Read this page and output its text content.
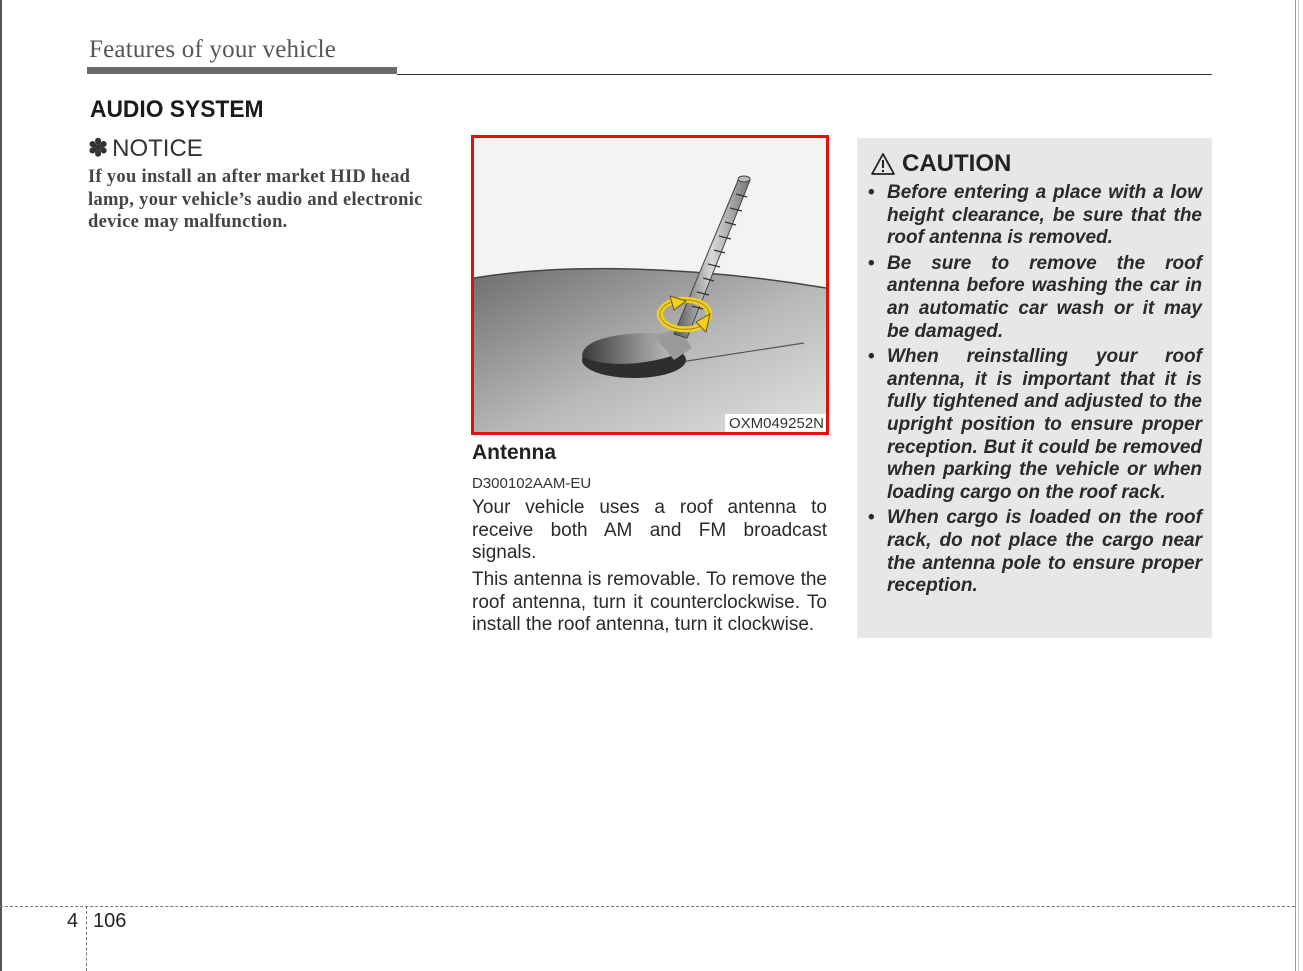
Features of your vehicle
AUDIO SYSTEM
✽ NOTICE
If you install an after market HID head lamp, your vehicle’s audio and electronic device may malfunction.
OXM049252N
Antenna
D300102AAM-EU
Your vehicle uses a roof antenna to receive both AM and FM broadcast signals.
This antenna is removable. To remove the roof antenna, turn it counterclockwise. To install the roof antenna, turn it clockwise.
CAUTION
• Before entering a place with a low height clearance, be sure that the roof antenna is removed.
• Be sure to remove the roof antenna before washing the car in an automatic car wash or it may be damaged.
• When reinstalling your roof antenna, it is important that it is fully tightened and adjusted to the upright position to ensure proper reception. But it could be removed when parking the vehicle or when loading cargo on the roof rack.
• When cargo is loaded on the roof rack, do not place the cargo near the antenna pole to ensure proper reception.
4 106
